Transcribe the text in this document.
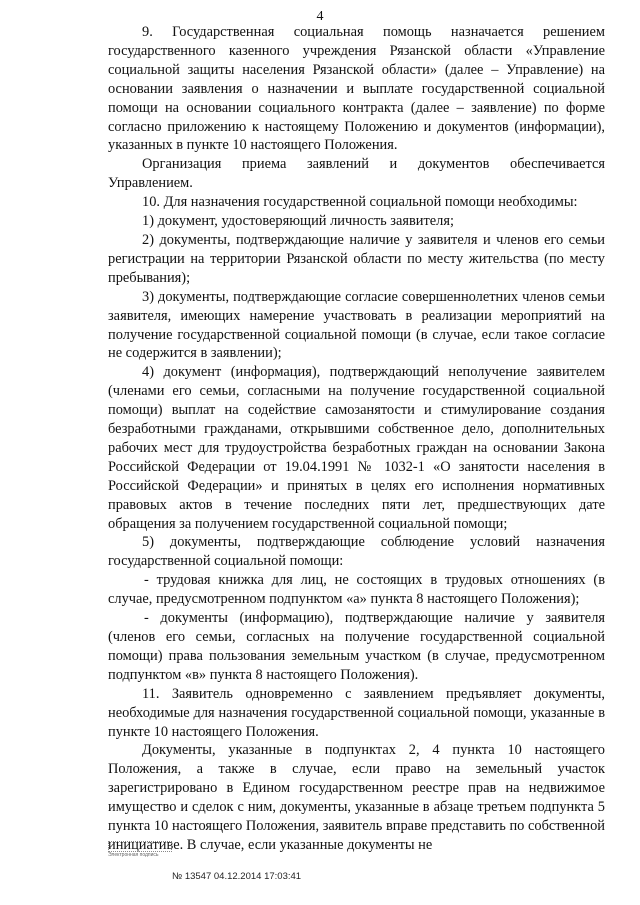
4

9. Государственная социальная помощь назначается решением государственного казенного учреждения Рязанской области «Управление социальной защиты населения Рязанской области» (далее – Управление) на основании заявления о назначении и выплате государственной социальной помощи на основании социального контракта (далее – заявление) по форме согласно приложению к настоящему Положению и документов (информации), указанных в пункте 10 настоящего Положения.

Организация приема заявлений и документов обеспечивается Управлением.

10. Для назначения государственной социальной помощи необходимы:

1) документ, удостоверяющий личность заявителя;

2) документы, подтверждающие наличие у заявителя и членов его семьи регистрации на территории Рязанской области по месту жительства (по месту пребывания);

3) документы, подтверждающие согласие совершеннолетних членов семьи заявителя, имеющих намерение участвовать в реализации мероприятий на получение государственной социальной помощи (в случае, если такое согласие не содержится в заявлении);

4) документ (информация), подтверждающий неполучение заявителем (членами его семьи, согласными на получение государственной социальной помощи) выплат на содействие самозанятости и стимулирование создания безработными гражданами, открывшими собственное дело, дополнительных рабочих мест для трудоустройства безработных граждан на основании Закона Российской Федерации от 19.04.1991 № 1032-1 «О занятости населения в Российской Федерации» и принятых в целях его исполнения нормативных правовых актов в течение последних пяти лет, предшествующих дате обращения за получением государственной социальной помощи;

5) документы, подтверждающие соблюдение условий назначения государственной социальной помощи:

- трудовая книжка для лиц, не состоящих в трудовых отношениях (в случае, предусмотренном подпунктом «а» пункта 8 настоящего Положения);

- документы (информацию), подтверждающие наличие у заявителя (членов его семьи, согласных на получение государственной социальной помощи) права пользования земельным участком (в случае, предусмотренном подпунктом «в» пункта 8 настоящего Положения).

11. Заявитель одновременно с заявлением предъявляет документы, необходимые для назначения государственной социальной помощи, указанные в пункте 10 настоящего Положения.

Документы, указанные в подпунктах 2, 4 пункта 10 настоящего Положения, а также в случае, если право на земельный участок зарегистрировано в Едином государственном реестре прав на недвижимое имущество и сделок с ним, документы, указанные в абзаце третьем подпункта 5 пункта 10 настоящего Положения, заявитель вправе представить по собственной инициативе. В случае, если указанные документы не

Электронная подпись
№ 13547 04.12.2014 17:03:41
